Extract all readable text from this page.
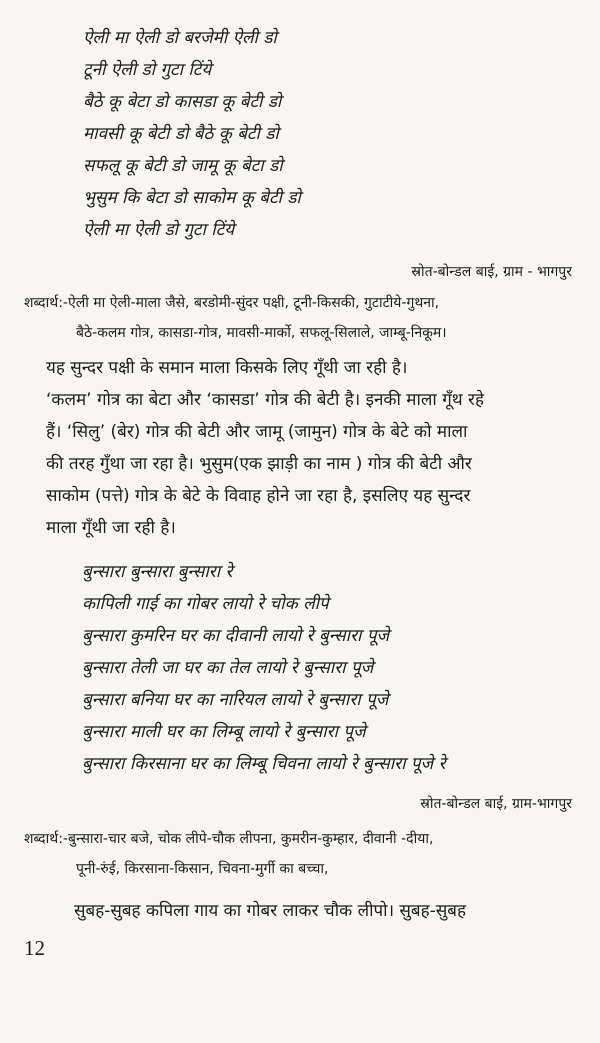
ऐली मा ऐली डो बरजेमी ऐली डो
टूनी ऐली डो गुटा टिंये
बैठे कू बेटा डो कासडा कू बेटी डो
मावसी कू बेटी डो बैठे कू बेटी डो
सफलू कू बेटी डो जामू कू बेटा डो
भुसुम कि बेटा डो साकोम कू बेटी डो
ऐली मा ऐली डो गुटा टिंये
स्रोत-बोन्डल बाई, ग्राम - भागपुर
शब्दार्थ:-ऐली मा ऐली-माला जैसे, बरडोमी-सुंदर पक्षी, टूनी-किसकी, गुटाटीये-गुथना,
बैठे-कलम गोत्र, कासडा-गोत्र, मावसी-मार्को, सफलू-सिलाले, जाम्बू-निकूम।
यह सुन्दर पक्षी के समान माला किसके लिए गूँथी जा रही है।
‘कलम’ गोत्र का बेटा और ‘कासडा’ गोत्र की बेटी है। इनकी माला गूँथ रहे
हैं। ‘सिलु’ (बेर) गोत्र की बेटी और जामू (जामुन) गोत्र के बेटे को माला
की तरह गुँथा जा रहा है। भुसुम(एक झाड़ी का नाम ) गोत्र की बेटी और
साकोम (पत्ते) गोत्र के बेटे के विवाह होने जा रहा है, इसलिए यह सुन्दर
माला गूँथी जा रही है।
बुन्सारा बुन्सारा बुन्सारा रे
कापिली गाई का गोबर लायो रे चोक लीपे
बुन्सारा कुमरिन घर का दीवानी लायो रे बुन्सारा पूजे
बुन्सारा तेली जा घर का तेल लायो रे बुन्सारा पूजे
बुन्सारा बनिया घर का नारियल लायो रे बुन्सारा पूजे
बुन्सारा माली घर का लिम्बू लायो रे बुन्सारा पूजे
बुन्सारा किरसाना घर का लिम्बू चिवना लायो रे बुन्सारा पूजे रे
स्रोत-बोन्डल बाई, ग्राम-भागपुर
शब्दार्थ:-बुन्सारा-चार बजे, चोक लीपे-चौक लीपना, कुमरीन-कुम्हार, दीवानी -दीया,
पूनी-रुंई, किरसाना-किसान, चिवना-मुर्गी का बच्चा,
सुबह-सुबह कपिला गाय का गोबर लाकर चौक लीपो। सुबह-सुबह
12
